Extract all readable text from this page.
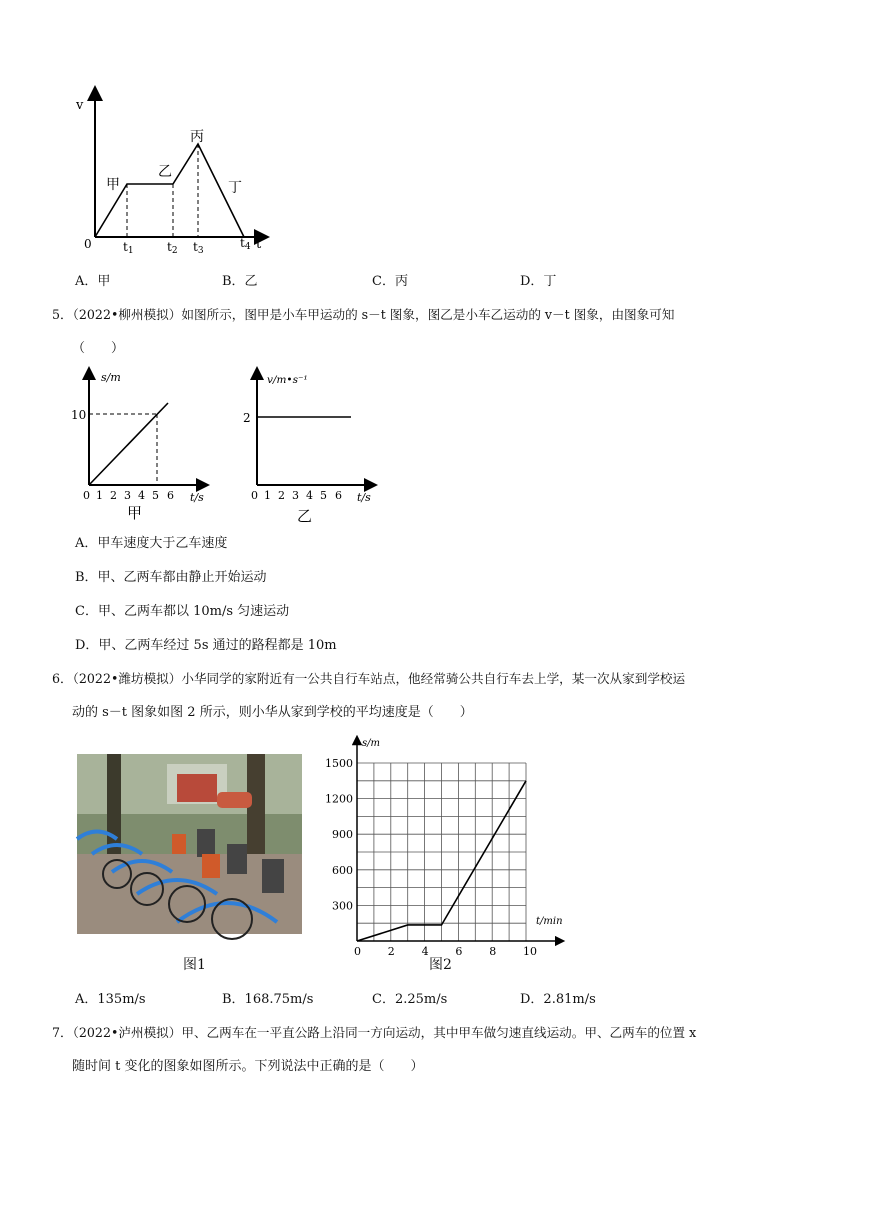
v
0	t1	t2 t3
t4 t
甲
乙
丙
丁
A．甲	B．乙	C．丙	D．丁
5．（2022•柳州模拟）如图所示，图甲是小车甲运动的 s－t 图象，图乙是小车乙运动的 v－t 图象，由图象可知
（　　）
s/m
10
0 1 2 3 4 5 6 t/s
甲
v/m•s⁻¹
2
0 1 2 3 4 5 6 t/s
乙
A．甲车速度大于乙车速度
B．甲、乙两车都由静止开始运动
C．甲、乙两车都以 10m/s 匀速运动
D．甲、乙两车经过 5s 通过的路程都是 10m
6．（2022•潍坊模拟）小华同学的家附近有一公共自行车站点，他经常骑公共自行车去上学，某一次从家到学校运
动的 s－t 图象如图 2 所示，则小华从家到学校的平均速度是（　　）
图1
0 2 4 6 8 10
300
600
900
1200
1500
s/m
t/min
图2
A．135m/s	B．168.75m/s	C．2.25m/s	D．2.81m/s
7．（2022•泸州模拟）甲、乙两车在一平直公路上沿同一方向运动，其中甲车做匀速直线运动。甲、乙两车的位置 x
随时间 t 变化的图象如图所示。下列说法中正确的是（　　）
